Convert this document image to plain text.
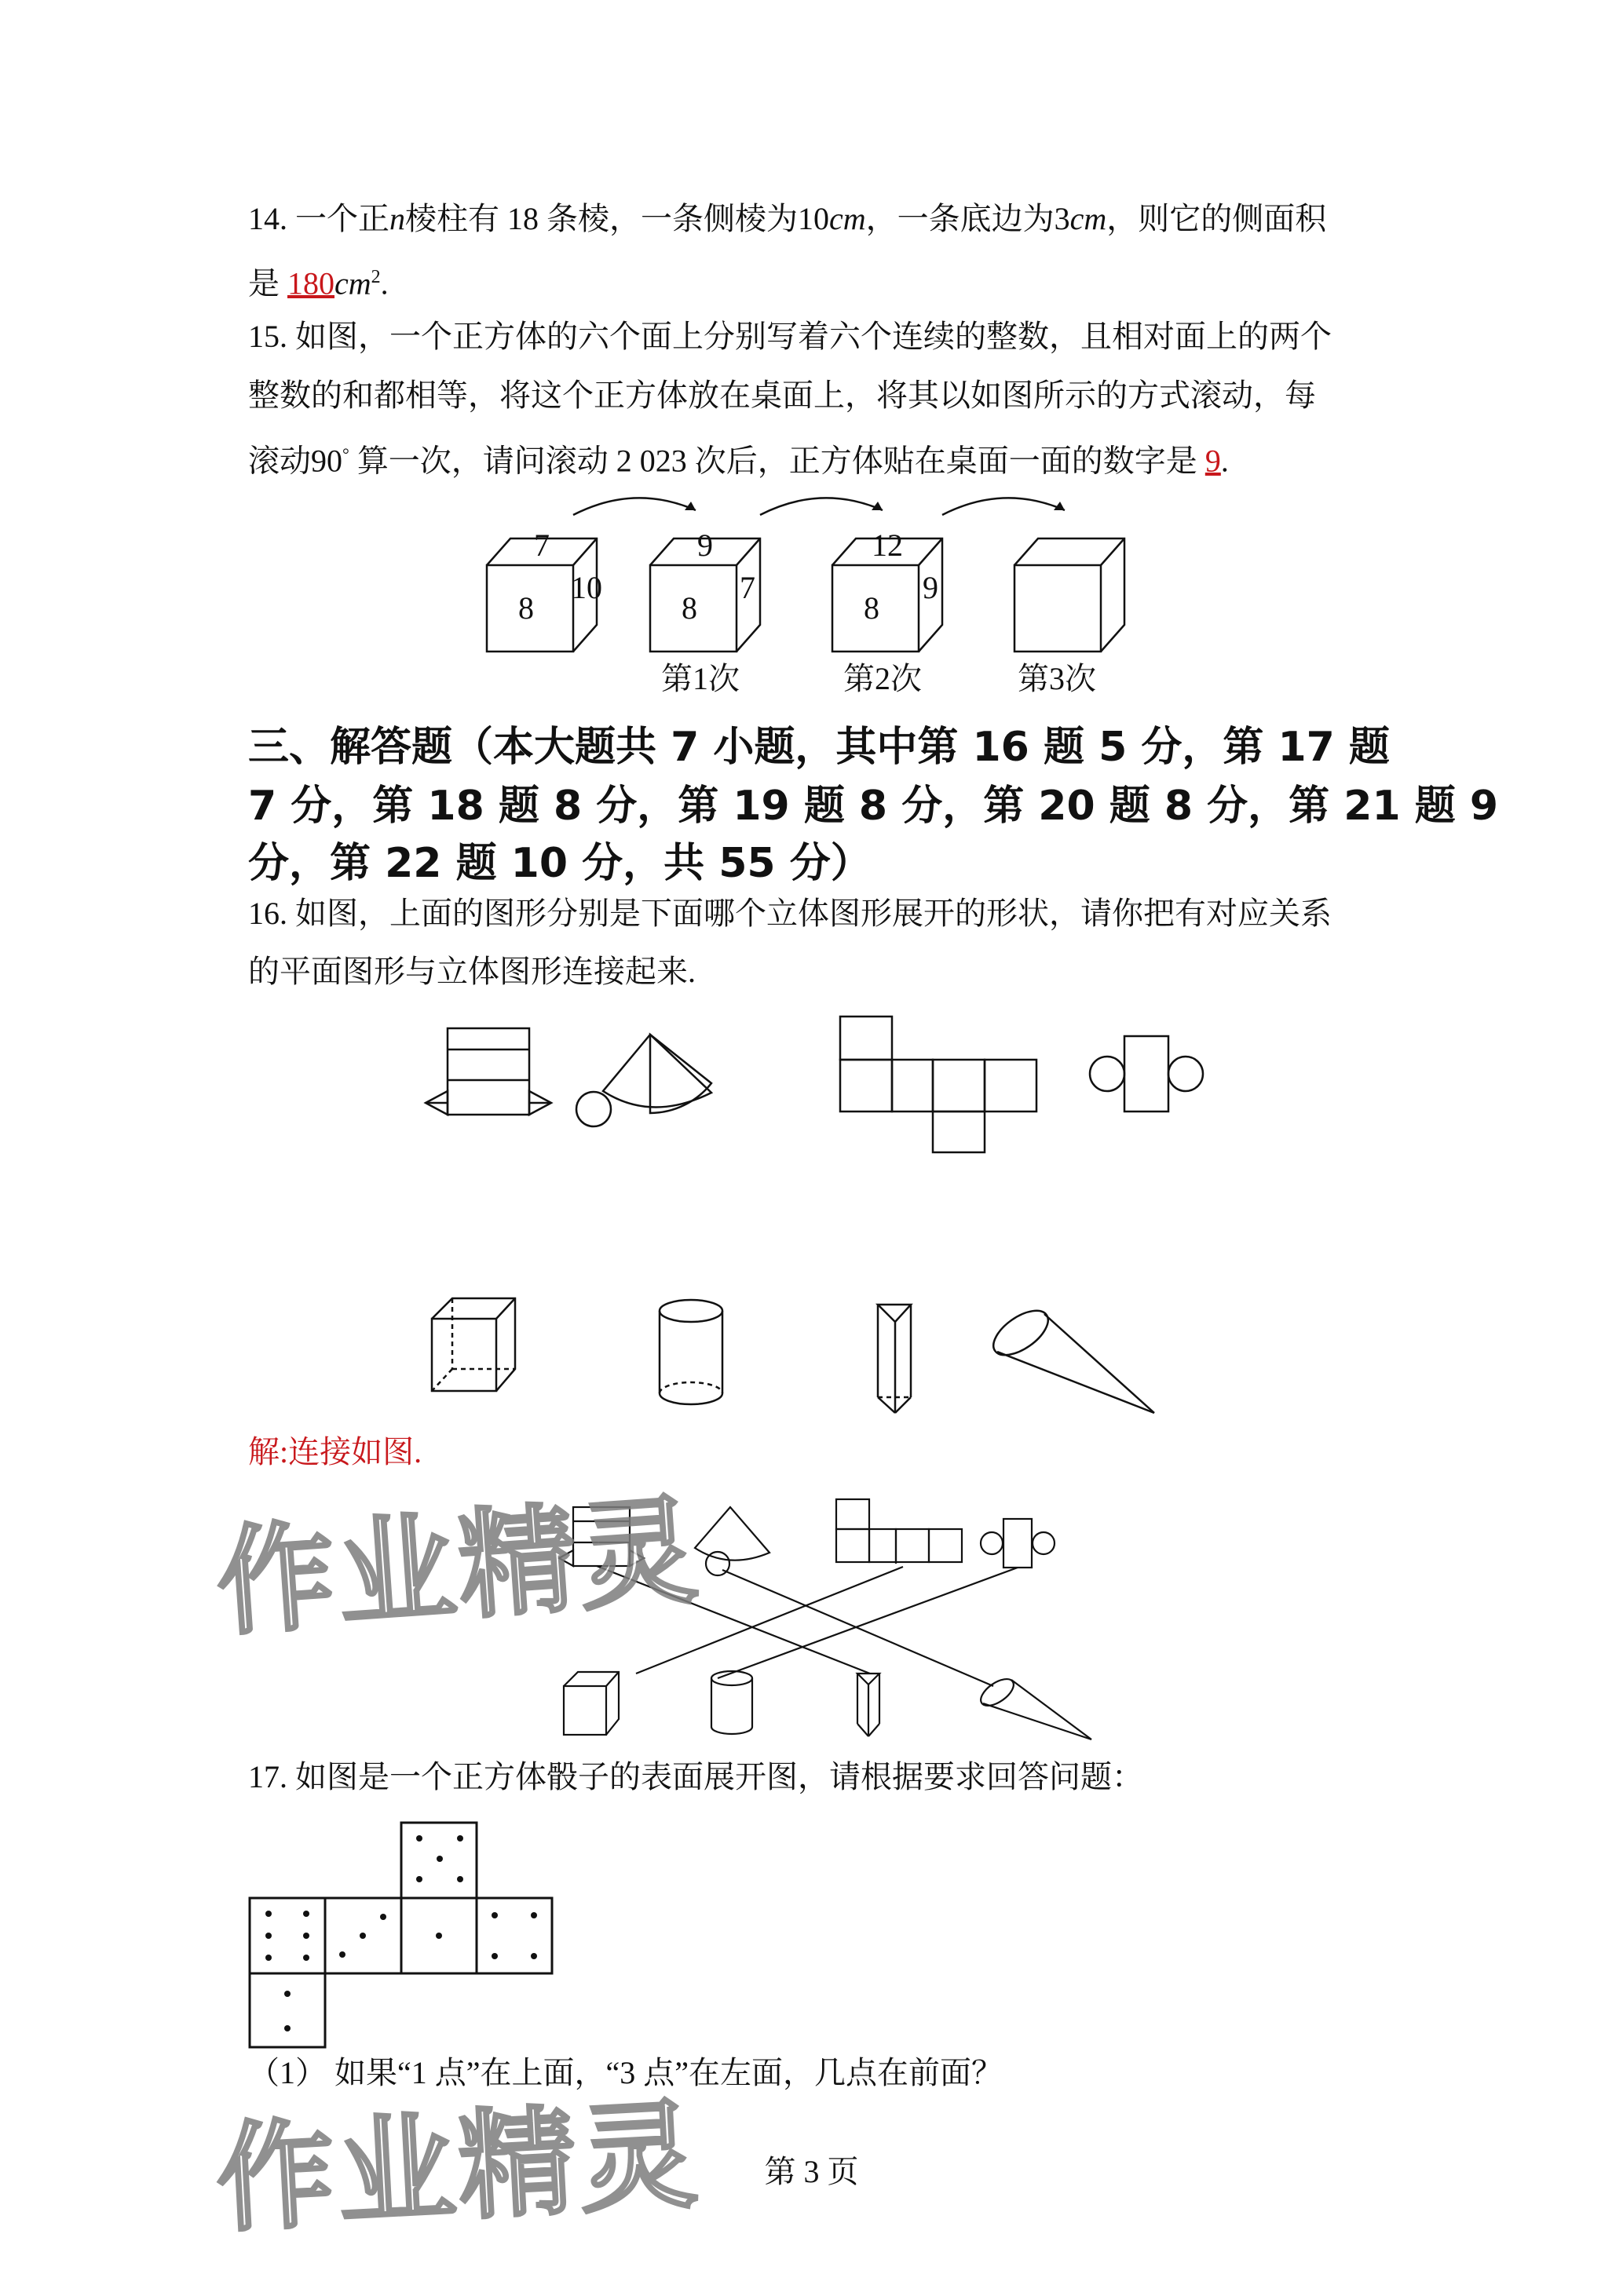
14. 一个正n棱柱有 18 条棱，一条侧棱为10cm，一条底边为3cm，则它的侧面积
是 $180cm^2$.
15. 如图，一个正方体的六个面上分别写着六个连续的整数，且相对面上的两个
整数的和都相等，将这个正方体放在桌面上，将其以如图所示的方式滚动，每
滚动90° 算一次，请问滚动 2 023 次后，正方体贴在桌面一面的数字是 9.
7
8
10
9
8
7
12
8
9
第1次	第2次	第3次
三、解答题（本大题共 7 小题，其中第 16 题 5 分，第 17 题
7 分，第 18 题 8 分，第 19 题 8 分，第 20 题 8 分，第 21 题 9
分，第 22 题 10 分，共 55 分）
16. 如图，上面的图形分别是下面哪个立体图形展开的形状，请你把有对应关系
的平面图形与立体图形连接起来.
解:连接如图.
17. 如图是一个正方体骰子的表面展开图，请根据要求回答问题：
（1） 如果“1 点”在上面，“3 点”在左面，几点在前面？
作业精灵
作业精灵	第 3 页
